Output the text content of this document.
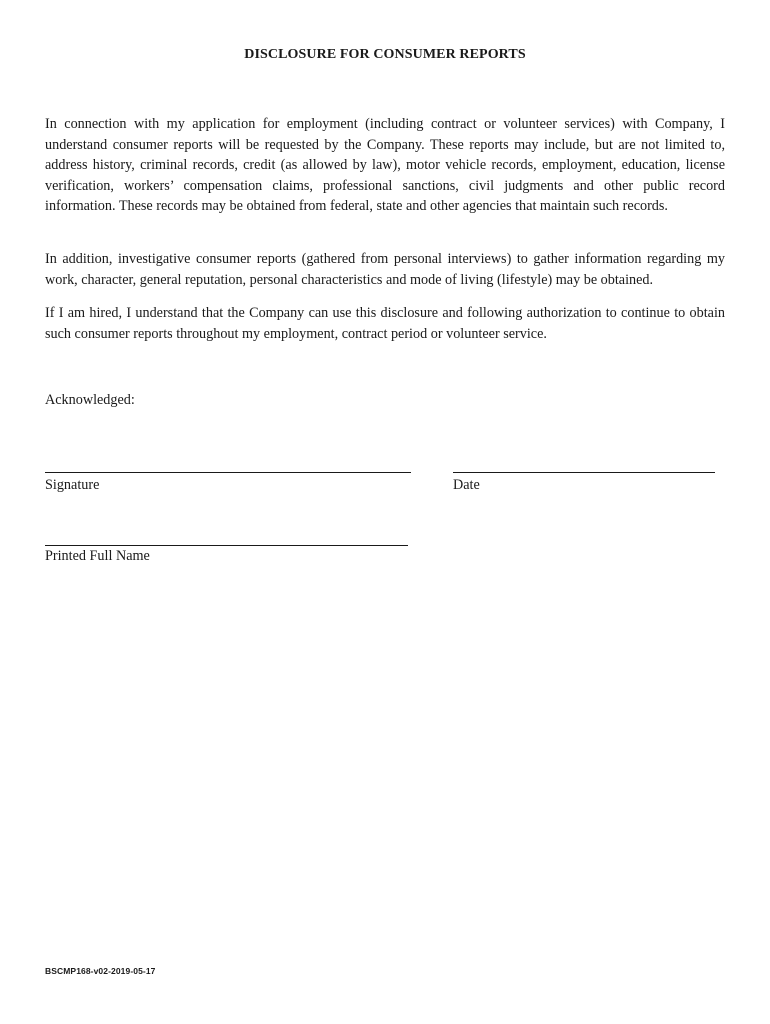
DISCLOSURE FOR CONSUMER REPORTS
In connection with my application for employment (including contract or volunteer services) with Company, I understand consumer reports will be requested by the Company. These reports may include, but are not limited to, address history, criminal records, credit (as allowed by law), motor vehicle records, employment, education, license verification, workers’ compensation claims, professional sanctions, civil judgments and other public record information. These records may be obtained from federal, state and other agencies that maintain such records.
In addition, investigative consumer reports (gathered from personal interviews) to gather information regarding my work, character, general reputation, personal characteristics and mode of living (lifestyle) may be obtained.
If I am hired, I understand that the Company can use this disclosure and following authorization to continue to obtain such consumer reports throughout my employment, contract period or volunteer service.
Acknowledged:
Signature	Date
Printed Full Name
BSCMP168-v02-2019-05-17
